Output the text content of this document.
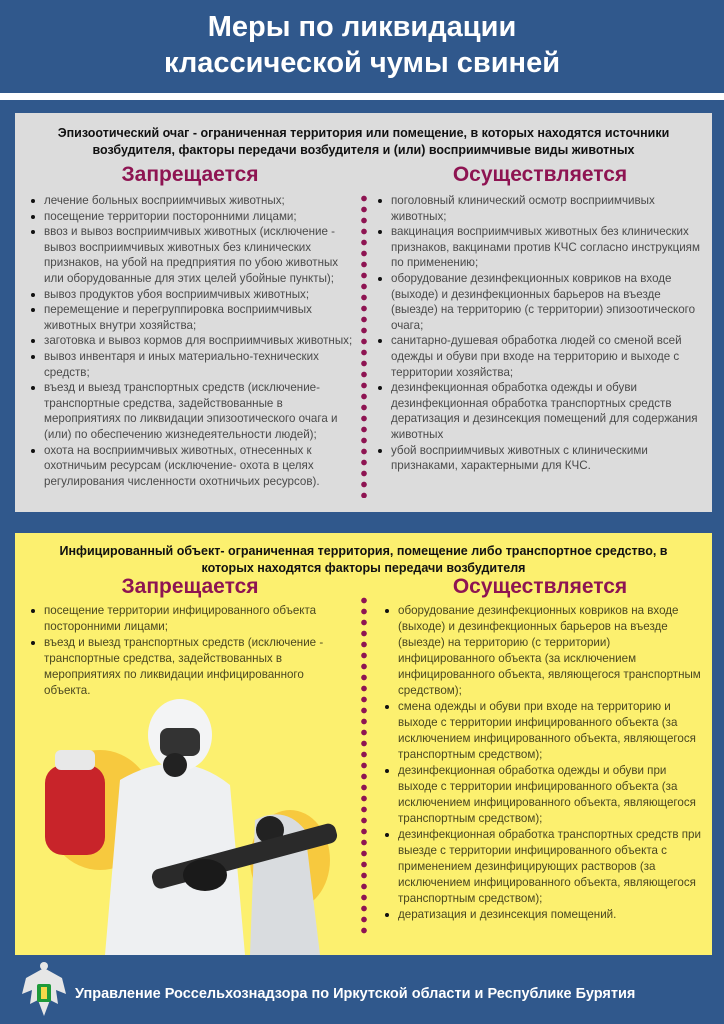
Меры по ликвидации
классической чумы свиней
Эпизоотический очаг - ограниченная территория или помещение, в которых находятся источники возбудителя, факторы передачи возбудителя и (или) восприимчивые виды животных
Запрещается	Осуществляется
лечение больных восприимчивых животных;
посещение территории посторонними лицами;
ввоз и вывоз восприимчивых животных (исключение - вывоз восприимчивых животных без клинических признаков, на убой на предприятия по убою животных или оборудованные для этих целей убойные пункты);
вывоз продуктов убоя восприимчивых животных;
перемещение и перегруппировка восприимчивых животных внутри хозяйства;
заготовка и вывоз кормов для восприимчивых животных;
вывоз инвентаря и иных материально-технических средств;
въезд и выезд транспортных средств (исключение- транспортные средства, задействованные в мероприятиях по ликвидации эпизоотического очага и (или) по обеспечению жизнедеятельности людей);
охота на восприимчивых животных, отнесенных к охотничьим ресурсам (исключение- охота в целях регулирования численности охотничьих ресурсов).
поголовный клинический осмотр восприимчивых животных;
вакцинация восприимчивых животных без клинических признаков, вакцинами против КЧС согласно инструкциям по применению;
оборудование дезинфекционных ковриков на входе (выходе) и дезинфекционных барьеров на въезде (выезде) на территорию (с территории) эпизоотического очага;
санитарно-душевая обработка людей со сменой всей одежды и обуви при входе на территорию и выходе с территории хозяйства;
дезинфекционная обработка одежды и обуви дезинфекционная обработка транспортных средств дератизация и дезинсекция помещений для содержания животных
убой восприимчивых животных с клиническими признаками, характерными для КЧС.
Инфицированный объект- ограниченная территория, помещение либо транспортное средство, в которых находятся факторы передачи возбудителя
Запрещается	Осуществляется
посещение территории инфицированного объекта посторонними лицами;
въезд и выезд транспортных средств (исключение - транспортные средства, задействованных в мероприятиях по ликвидации инфицированного объекта.
оборудование дезинфекционных ковриков на входе (выходе) и дезинфекционных барьеров на въезде (выезде) на территорию (с территории) инфицированного объекта (за исключением инфицированного объекта, являющегося транспортным средством);
смена одежды и обуви при входе на территорию и выходе с территории инфицированного объекта (за исключением инфицированного объекта, являющегося транспортным средством);
дезинфекционная обработка одежды и обуви при выходе с территории инфицированного объекта (за исключением инфицированного объекта, являющегося транспортным средством);
дезинфекционная обработка транспортных средств при выезде с территории инфицированного объекта с применением дезинфицирующих растворов (за исключением инфицированного объекта, являющегося транспортным средством);
дератизация и дезинсекция помещений.
Управление Россельхознадзора по Иркутской области и Республике Бурятия
